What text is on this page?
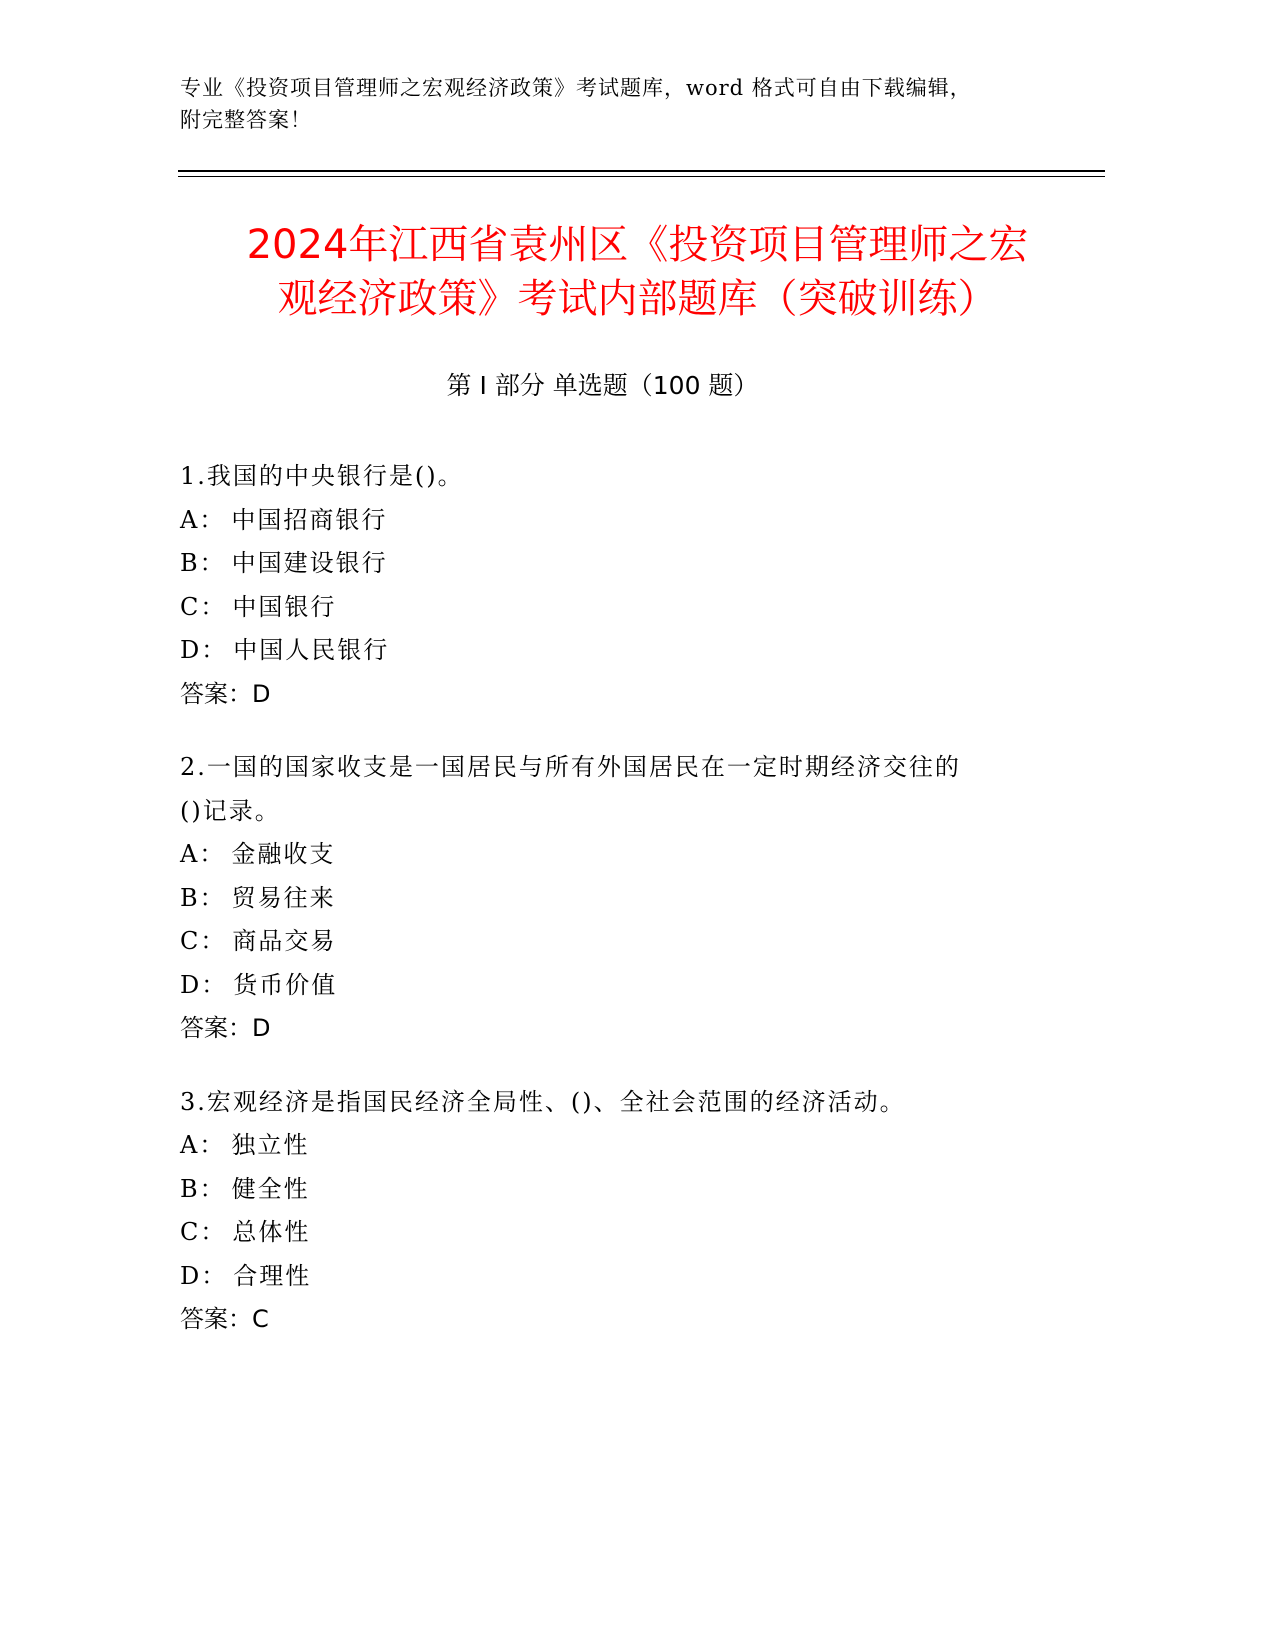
专业《投资项目管理师之宏观经济政策》考试题库，word 格式可自由下载编辑，

附完整答案！

2024年江西省袁州区《投资项目管理师之宏
观经济政策》考试内部题库（突破训练）
第 I 部分 单选题（100 题）

1.我国的中央银行是()。

A： 中国招商银行

B： 中国建设银行

C： 中国银行

D： 中国人民银行

答案：D

2.一国的国家收支是一国居民与所有外国居民在一定时期经济交往的
()记录。

A： 金融收支

B： 贸易往来

C： 商品交易

D： 货币价值

答案：D

3.宏观经济是指国民经济全局性、()、全社会范围的经济活动。

A： 独立性

B： 健全性

C： 总体性

D： 合理性

答案：C
